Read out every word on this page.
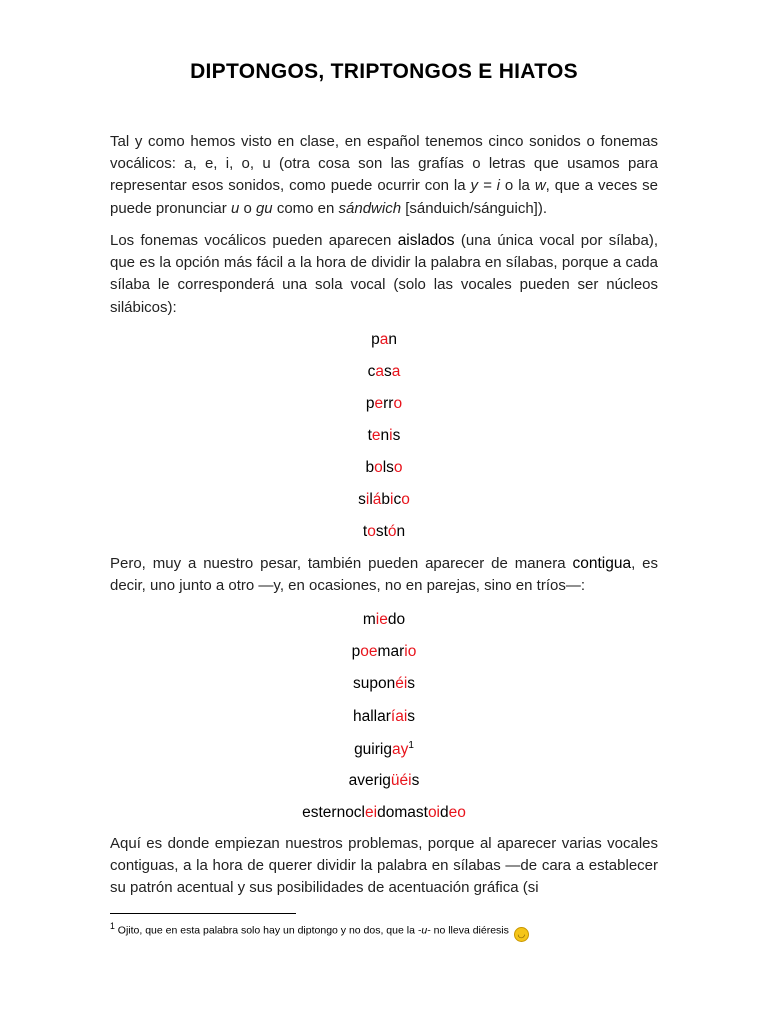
DIPTONGOS, TRIPTONGOS E HIATOS

Tal y como hemos visto en clase, en español tenemos cinco sonidos o fonemas vocálicos: a, e, i, o, u (otra cosa son las grafías o letras que usamos para representar esos sonidos, como puede ocurrir con la y = i o la w, que a veces se puede pronunciar u o gu como en sándwich [sánduich/sánguich]).

Los fonemas vocálicos pueden aparecen aislados (una única vocal por sílaba), que es la opción más fácil a la hora de dividir la palabra en sílabas, porque a cada sílaba le corresponderá una sola vocal (solo las vocales pueden ser núcleos silábicos):

pan
casa
perro
tenis
bolso
silábico
tostón

Pero, muy a nuestro pesar, también pueden aparecer de manera contigua, es decir, uno junto a otro —y, en ocasiones, no en parejas, sino en tríos—:

miedo
poemario
suponéis
hallaríais
guirigay$^1$
averigüéis
esternocleidomastoideo

Aquí es donde empiezan nuestros problemas, porque al aparecer varias vocales contiguas, a la hora de querer dividir la palabra en sílabas —de cara a establecer su patrón acentual y sus posibilidades de acentuación gráfica (si

$^1$ Ojito, que en esta palabra solo hay un diptongo y no dos, que la -u- no lleva diéresis ◡
